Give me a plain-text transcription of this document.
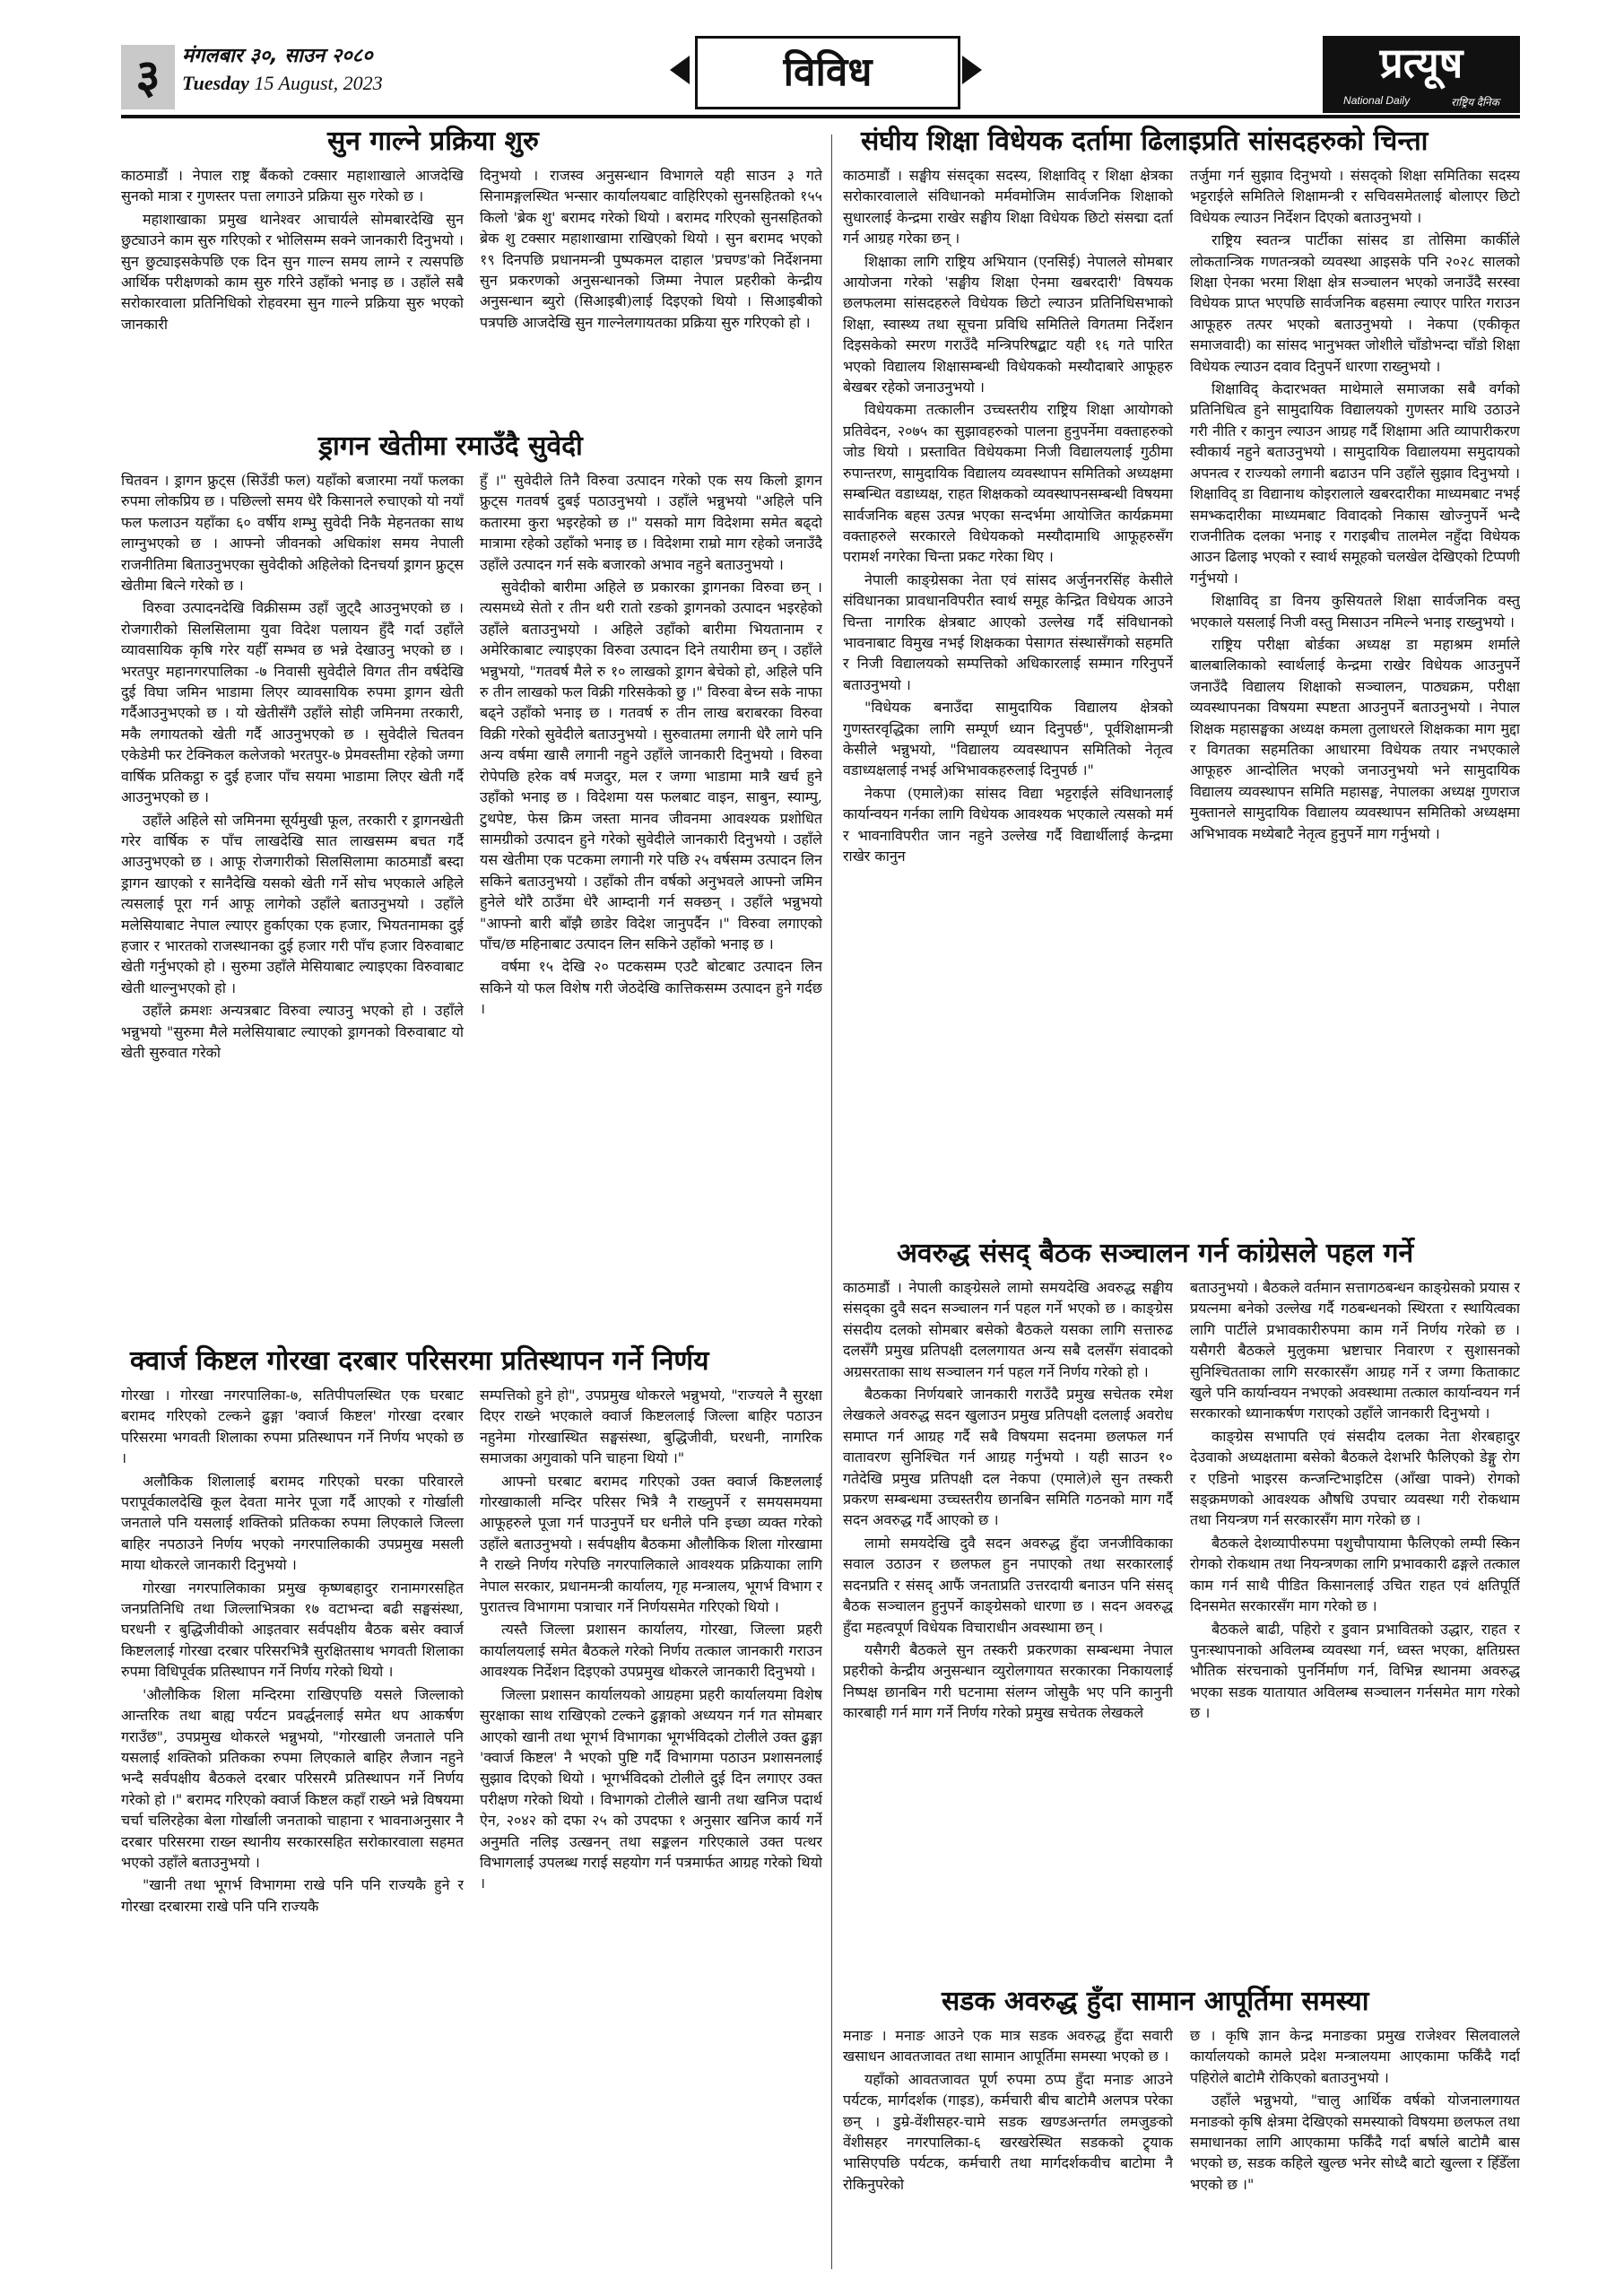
३	मंगलबार ३०, साउन २०८०
Tuesday 15 August, 2023	विविध	प्रत्यूष
National Daily	राष्ट्रिय दैनिक
सुन गाल्ने प्रक्रिया शुरु

काठमाडौं । नेपाल राष्ट्र बैंकको टक्सार महाशाखाले आजदेखि सुनको मात्रा र गुणस्तर पत्ता लगाउने प्रक्रिया सुरु गरेको छ ।

महाशाखाका प्रमुख थानेश्वर आचार्यले सोमबारदेखि सुन छुट्याउने काम सुरु गरिएको र भोलिसम्म सक्ने जानकारी दिनुभयो । सुन छुट्याइसकेपछि एक दिन सुन गाल्न समय लाग्ने र त्यसपछि आर्थिक परीक्षणको काम सुरु गरिने उहाँको भनाइ छ । उहाँले सबै सरोकारवाला प्रतिनिधिको रोहवरमा सुन गाल्ने प्रक्रिया सुरु भएको जानकारी

दिनुभयो । राजस्व अनुसन्धान विभागले यही साउन ३ गते सिनामङ्गलस्थित भन्सार कार्यालयबाट वाहिरिएको सुनसहितको १५५ किलो 'ब्रेक शु' बरामद गरेको थियो । बरामद गरिएको सुनसहितको ब्रेक शु टक्सार महाशाखामा राखिएको थियो । सुन बरामद भएको १९ दिनपछि प्रधानमन्त्री पुष्पकमल दाहाल 'प्रचण्ड'को निर्देशनमा सुन प्रकरणको अनुसन्धानको जिम्मा नेपाल प्रहरीको केन्द्रीय अनुसन्धान ब्युरो (सिआइबी)लाई दिइएको थियो । सिआइबीको पत्रपछि आजदेखि सुन गाल्नेलगायतका प्रक्रिया सुरु गरिएको हो ।

ड्रागन खेतीमा रमाउँदै सुवेदी

चितवन । ड्रागन फ्रुट्स (सिउँडी फल) यहाँको बजारमा नयाँ फलका रुपमा लोकप्रिय छ । पछिल्लो समय धेरै किसानले रुचाएको यो नयाँ फल फलाउन यहाँका ६० वर्षीय शम्भु सुवेदी निकै मेहनतका साथ लाग्नुभएको छ । आफ्नो जीवनको अधिकांश समय नेपाली राजनीतिमा बिताउनुभएका सुवेदीको अहिलेको दिनचर्या ड्रागन फ्रुट्स खेतीमा बित्ने गरेको छ ।

विरुवा उत्पादनदेखि विक्रीसम्म उहाँ जुट्दै आउनुभएको छ । रोजगारीको सिलसिलामा युवा विदेश पलायन हुँदै गर्दा उहाँले व्यावसायिक कृषि गरेर यहीँ सम्भव छ भन्ने देखाउनु भएको छ । भरतपुर महानगरपालिका -७ निवासी सुवेदीले विगत तीन वर्षदेखि दुई विघा जमिन भाडामा लिएर व्यावसायिक रुपमा ड्रागन खेती गर्दैआउनुभएको छ । यो खेतीसँगै उहाँले सोही जमिनमा तरकारी, मकै लगायतको खेती गर्दै आउनुभएको छ । सुवेदीले चितवन एकेडेमी फर टेक्निकल कलेजको भरतपुर-७ प्रेमवस्तीमा रहेको जग्गा वार्षिक प्रतिकट्ठा रु दुई हजार पाँच सयमा भाडामा लिएर खेती गर्दै आउनुभएको छ ।

उहाँले अहिले सो जमिनमा सूर्यमुखी फूल, तरकारी र ड्रागनखेती गरेर वार्षिक रु पाँच लाखदेखि सात लाखसम्म बचत गर्दै आउनुभएको छ । आफू रोजगारीको सिलसिलामा काठमाडौं बस्दा ड्रागन खाएको र सानैदेखि यसको खेती गर्ने सोच भएकाले अहिले त्यसलाई पूरा गर्न आफू लागेको उहाँले बताउनुभयो । उहाँले मलेसियाबाट नेपाल ल्याएर हुर्काएका एक हजार, भियतनामका दुई हजार र भारतको राजस्थानका दुई हजार गरी पाँच हजार विरुवाबाट खेती गर्नुभएको हो । सुरुमा उहाँले मेसियाबाट ल्याइएका विरुवाबाट खेती थाल्नुभएको हो ।

उहाँले क्रमशः अन्यत्रबाट विरुवा ल्याउनु भएको हो । उहाँले भन्नुभयो "सुरुमा मैले मलेसियाबाट ल्याएको ड्रागनको विरुवाबाट यो खेती सुरुवात गरेको

हुँ ।" सुवेदीले तिनै विरुवा उत्पादन गरेको एक सय किलो ड्रागन फ्रुट्स गतवर्ष दुबई पठाउनुभयो । उहाँले भन्नुभयो "अहिले पनि कतारमा कुरा भइरहेको छ ।" यसको माग विदेशमा समेत बढ्दो मात्रामा रहेको उहाँको भनाइ छ । विदेशमा राम्रो माग रहेको जनाउँदै उहाँले उत्पादन गर्न सके बजारको अभाव नहुने बताउनुभयो ।

सुवेदीको बारीमा अहिले छ प्रकारका ड्रागनका विरुवा छन् । त्यसमध्ये सेतो र तीन थरी रातो रङको ड्रागनको उत्पादन भइरहेको उहाँले बताउनुभयो । अहिले उहाँको बारीमा भियतानाम र अमेरिकाबाट ल्याइएका विरुवा उत्पादन दिने तयारीमा छन् । उहाँले भन्नुभयो, "गतवर्ष मैले रु १० लाखको ड्रागन बेचेको हो, अहिले पनि रु तीन लाखको फल विक्री गरिसकेको छु ।" विरुवा बेच्न सके नाफा बढ्ने उहाँको भनाइ छ । गतवर्ष रु तीन लाख बराबरका विरुवा विक्री गरेको सुवेदीले बताउनुभयो । सुरुवातमा लगानी धेरै लागे पनि अन्य वर्षमा खासै लगानी नहुने उहाँले जानकारी दिनुभयो । विरुवा रोपेपछि हरेक वर्ष मजदुर, मल र जग्गा भाडामा मात्रै खर्च हुने उहाँको भनाइ छ । विदेशमा यस फलबाट वाइन, साबुन, स्याम्पु, टुथपेष्ट, फेस क्रिम जस्ता मानव जीवनमा आवश्यक प्रशोधित सामग्रीको उत्पादन हुने गरेको सुवेदीले जानकारी दिनुभयो । उहाँले यस खेतीमा एक पटकमा लगानी गरे पछि २५ वर्षसम्म उत्पादन लिन सकिने बताउनुभयो । उहाँको तीन वर्षको अनुभवले आफ्नो जमिन हुनेले थोरै ठाउँमा धेरै आम्दानी गर्न सक्छन् । उहाँले भन्नुभयो "आफ्नो बारी बाँझै छाडेर विदेश जानुपर्दैन ।" विरुवा लगाएको पाँच/छ महिनाबाट उत्पादन लिन सकिने उहाँको भनाइ छ ।

वर्षमा १५ देखि २० पटकसम्म एउटै बोटबाट उत्पादन लिन सकिने यो फल विशेष गरी जेठदेखि कात्तिकसम्म उत्पादन हुने गर्दछ ।

क्वार्ज किष्टल गोरखा दरबार परिसरमा प्रतिस्थापन गर्ने निर्णय

गोरखा । गोरखा नगरपालिका-७, सतिपीपलस्थित एक घरबाट बरामद गरिएको टल्कने ढुङ्गा 'क्वार्ज किष्टल' गोरखा दरबार परिसरमा भगवती शिलाका रुपमा प्रतिस्थापन गर्ने निर्णय भएको छ ।

अलौकिक शिलालाई बरामद गरिएको घरका परिवारले परापूर्वकालदेखि कूल देवता मानेर पूजा गर्दै आएको र गोर्खाली जनताले पनि यसलाई शक्तिको प्रतिकका रुपमा लिएकाले जिल्ला बाहिर नपठाउने निर्णय भएको नगरपालिकाकी उपप्रमुख मसली माया थोकरले जानकारी दिनुभयो ।

गोरखा नगरपालिकाका प्रमुख कृष्णबहादुर रानामगरसहित जनप्रतिनिधि तथा जिल्लाभित्रका १७ वटाभन्दा बढी सङ्घसंस्था, घरधनी र बुद्धिजीवीको आइतवार सर्वपक्षीय बैठक बसेर क्वार्ज किष्टललाई गोरखा दरबार परिसरभित्रै सुरक्षितसाथ भगवती शिलाका रुपमा विधिपूर्वक प्रतिस्थापन गर्ने निर्णय गरेको थियो ।

'औलौकिक शिला मन्दिरमा राखिएपछि यसले जिल्लाको आन्तरिक तथा बाह्य पर्यटन प्रवर्द्धनलाई समेत थप आकर्षण गराउँछ", उपप्रमुख थोकरले भन्नुभयो, "गोरखाली जनताले पनि यसलाई शक्तिको प्रतिकका रुपमा लिएकाले बाहिर लैजान नहुने भन्दै सर्वपक्षीय बैठकले दरबार परिसरमै प्रतिस्थापन गर्ने निर्णय गरेको हो ।" बरामद गरिएको क्वार्ज किष्टल कहाँ राख्ने भन्ने विषयमा चर्चा चलिरहेका बेला गोर्खाली जनताको चाहाना र भावनाअनुसार नै दरबार परिसरमा राख्न स्थानीय सरकारसहित सरोकारवाला सहमत भएको उहाँले बताउनुभयो ।

"खानी तथा भूगर्भ विभागमा राखे पनि पनि राज्यकै हुने र गोरखा दरबारमा राखे पनि पनि राज्यकै

सम्पत्तिको हुने हो", उपप्रमुख थोकरले भन्नुभयो, "राज्यले नै सुरक्षा दिएर राख्ने भएकाले क्वार्ज किष्टललाई जिल्ला बाहिर पठाउन नहुनेमा गोरखास्थित सङ्घसंस्था, बुद्धिजीवी, घरधनी, नागरिक समाजका अगुवाको पनि चाहना थियो ।"

आफ्नो घरबाट बरामद गरिएको उक्त क्वार्ज किष्टललाई गोरखाकाली मन्दिर परिसर भित्रै नै राख्नुपर्ने र समयसमयमा आफूहरुले पूजा गर्न पाउनुपर्ने घर धनीले पनि इच्छा व्यक्त गरेको उहाँले बताउनुभयो । सर्वपक्षीय बैठकमा औलौकिक शिला गोरखामा नै राख्ने निर्णय गरेपछि नगरपालिकाले आवश्यक प्रक्रियाका लागि नेपाल सरकार, प्रधानमन्त्री कार्यालय, गृह मन्त्रालय, भूगर्भ विभाग र पुरातत्त्व विभागमा पत्राचार गर्ने निर्णयसमेत गरिएको थियो ।

त्यस्तै जिल्ला प्रशासन कार्यालय, गोरखा, जिल्ला प्रहरी कार्यालयलाई समेत बैठकले गरेको निर्णय तत्काल जानकारी गराउन आवश्यक निर्देशन दिइएको उपप्रमुख थोकरले जानकारी दिनुभयो ।

जिल्ला प्रशासन कार्यालयको आग्रहमा प्रहरी कार्यालयमा विशेष सुरक्षाका साथ राखिएको टल्कने ढुङ्गाको अध्ययन गर्न गत सोमबार आएको खानी तथा भूगर्भ विभागका भूगर्भविदको टोलीले उक्त ढुङ्गा 'क्वार्ज किष्टल' नै भएको पुष्टि गर्दै विभागमा पठाउन प्रशासनलाई सुझाव दिएको थियो । भूगर्भविदको टोलीले दुई दिन लगाएर उक्त परीक्षण गरेको थियो । विभागको टोलीले खानी तथा खनिज पदार्थ ऐन, २०४२ को दफा २५ को उपदफा १ अनुसार खनिज कार्य गर्ने अनुमति नलिइ उत्खनन् तथा सङ्कलन गरिएकाले उक्त पत्थर विभागलाई उपलब्ध गराई सहयोग गर्न पत्रमार्फत आग्रह गरेको थियो ।

संघीय शिक्षा विधेयक दर्तामा ढिलाइप्रति सांसदहरुको चिन्ता

काठमाडौं । सङ्घीय संसद्का सदस्य, शिक्षाविद् र शिक्षा क्षेत्रका सरोकारवालाले संविधानको मर्मवमोजिम सार्वजनिक शिक्षाको सुधारलाई केन्द्रमा राखेर सङ्घीय शिक्षा विधेयक छिटो संसद्मा दर्ता गर्न आग्रह गरेका छन् ।

शिक्षाका लागि राष्ट्रिय अभियान (एनसिई) नेपालले सोमबार आयोजना गरेको 'सङ्घीय शिक्षा ऐनमा खबरदारी' विषयक छलफलमा सांसदहरुले विधेयक छिटो ल्याउन प्रतिनिधिसभाको शिक्षा, स्वास्थ्य तथा सूचना प्रविधि समितिले विगतमा निर्देशन दिइसकेको स्मरण गराउँदै मन्त्रिपरिषद्बाट यही १६ गते पारित भएको विद्यालय शिक्षासम्बन्धी विधेयकको मस्यौदाबारे आफूहरु बेखबर रहेको जनाउनुभयो ।

विधेयकमा तत्कालीन उच्चस्तरीय राष्ट्रिय शिक्षा आयोगको प्रतिवेदन, २०७५ का सुझावहरुको पालना हुनुपर्नेमा वक्ताहरुको जोड थियो । प्रस्तावित विधेयकमा निजी विद्यालयलाई गुठीमा रुपान्तरण, सामुदायिक विद्यालय व्यवस्थापन समितिको अध्यक्षमा सम्बन्धित वडाध्यक्ष, राहत शिक्षकको व्यवस्थापनसम्बन्धी विषयमा सार्वजनिक बहस उत्पन्न भएका सन्दर्भमा आयोजित कार्यक्रममा वक्ताहरुले सरकारले विधेयकको मस्यौदामाथि आफूहरुसँग परामर्श नगरेका चिन्ता प्रकट गरेका थिए ।

नेपाली काङ्ग्रेसका नेता एवं सांसद अर्जुननरसिंह केसीले संविधानका प्रावधानविपरीत स्वार्थ समूह केन्द्रित विधेयक आउने चिन्ता नागरिक क्षेत्रबाट आएको उल्लेख गर्दै संविधानको भावनाबाट विमुख नभई शिक्षकका पेसागत संस्थासँगको सहमति र निजी विद्यालयको सम्पत्तिको अधिकारलाई सम्मान गरिनुपर्ने बताउनुभयो ।

"विधेयक बनाउँदा सामुदायिक विद्यालय क्षेत्रको गुणस्तरवृद्धिका लागि सम्पूर्ण ध्यान दिनुपर्छ", पूर्वशिक्षामन्त्री केसीले भन्नुभयो, "विद्यालय व्यवस्थापन समितिको नेतृत्व वडाध्यक्षलाई नभई अभिभावकहरुलाई दिनुपर्छ ।"

नेकपा (एमाले)का सांसद विद्या भट्टराईले संविधानलाई कार्यान्वयन गर्नका लागि विधेयक आवश्यक भएकाले त्यसको मर्म र भावनाविपरीत जान नहुने उल्लेख गर्दै विद्यार्थीलाई केन्द्रमा राखेर कानुन

तर्जुमा गर्न सुझाव दिनुभयो । संसद्को शिक्षा समितिका सदस्य भट्टराईले समितिले शिक्षामन्त्री र सचिवसमेतलाई बोलाएर छिटो विधेयक ल्याउन निर्देशन दिएको बताउनुभयो ।

राष्ट्रिय स्वतन्त्र पार्टीका सांसद डा तोसिमा कार्कीले लोकतान्त्रिक गणतन्त्रको व्यवस्था आइसके पनि २०२८ सालको शिक्षा ऐनका भरमा शिक्षा क्षेत्र सञ्चालन भएको जनाउँदै सरस्वा विधेयक प्राप्त भएपछि सार्वजनिक बहसमा ल्याएर पारित गराउन आफूहरु तत्पर भएको बताउनुभयो । नेकपा (एकीकृत समाजवादी) का सांसद भानुभक्त जोशीले चाँडोभन्दा चाँडो शिक्षा विधेयक ल्याउन दवाव दिनुपर्ने धारणा राख्नुभयो ।

शिक्षाविद् केदारभक्त माथेमाले समाजका सबै वर्गको प्रतिनिधित्व हुने सामुदायिक विद्यालयको गुणस्तर माथि उठाउने गरी नीति र कानुन ल्याउन आग्रह गर्दै शिक्षामा अति व्यापारीकरण स्वीकार्य नहुने बताउनुभयो । सामुदायिक विद्यालयमा समुदायको अपनत्व र राज्यको लगानी बढाउन पनि उहाँले सुझाव दिनुभयो । शिक्षाविद् डा विद्यानाथ कोइरालाले खबरदारीका माध्यमबाट नभई समभ्कदारीका माध्यमबाट विवादको निकास खोज्नुपर्ने भन्दै राजनीतिक दलका भनाइ र गराइबीच तालमेल नहुँदा विधेयक आउन ढिलाइ भएको र स्वार्थ समूहको चलखेल देखिएको टिप्पणी गर्नुभयो ।

शिक्षाविद् डा विनय कुसियतले शिक्षा सार्वजनिक वस्तु भएकाले यसलाई निजी वस्तु मिसाउन नमिल्ने भनाइ राख्नुभयो ।

राष्ट्रिय परीक्षा बोर्डका अध्यक्ष डा महाश्रम शर्माले बालबालिकाको स्वार्थलाई केन्द्रमा राखेर विधेयक आउनुपर्ने जनाउँदै विद्यालय शिक्षाको सञ्चालन, पाठ्यक्रम, परीक्षा व्यवस्थापनका विषयमा स्पष्टता आउनुपर्ने बताउनुभयो । नेपाल शिक्षक महासङ्घका अध्यक्ष कमला तुलाधरले शिक्षकका माग मुद्दा र विगतका सहमतिका आधारमा विधेयक तयार नभएकाले आफूहरु आन्दोलित भएको जनाउनुभयो भने सामुदायिक विद्यालय व्यवस्थापन समिति महासङ्घ, नेपालका अध्यक्ष गुणराज मुक्तानले सामुदायिक विद्यालय व्यवस्थापन समितिको अध्यक्षमा अभिभावक मध्येबाटै नेतृत्व हुनुपर्ने माग गर्नुभयो ।

अवरुद्ध संसद् बैठक सञ्चालन गर्न कांग्रेसले पहल गर्ने

काठमाडौं । नेपाली काङ्ग्रेसले लामो समयदेखि अवरुद्ध सङ्घीय संसद्का दुवै सदन सञ्चालन गर्न पहल गर्ने भएको छ । काङ्ग्रेस संसदीय दलको सोमबार बसेको बैठकले यसका लागि सत्तारुढ दलसँगै प्रमुख प्रतिपक्षी दललगायत अन्य सबै दलसँग संवादको अग्रसरताका साथ सञ्चालन गर्न पहल गर्ने निर्णय गरेको हो ।

बैठकका निर्णयबारे जानकारी गराउँदै प्रमुख सचेतक रमेश लेखकले अवरुद्ध सदन खुलाउन प्रमुख प्रतिपक्षी दललाई अवरोध समाप्त गर्न आग्रह गर्दै सबै विषयमा सदनमा छलफल गर्न वातावरण सुनिश्चित गर्न आग्रह गर्नुभयो । यही साउन १० गतेदेखि प्रमुख प्रतिपक्षी दल नेकपा (एमाले)ले सुन तस्करी प्रकरण सम्बन्धमा उच्चस्तरीय छानबिन समिति गठनको माग गर्दै सदन अवरुद्ध गर्दै आएको छ ।

लामो समयदेखि दुवै सदन अवरुद्ध हुँदा जनजीविकाका सवाल उठाउन र छलफल हुन नपाएको तथा सरकारलाई सदनप्रति र संसद् आफैं जनताप्रति उत्तरदायी बनाउन पनि संसद् बैठक सञ्चालन हुनुपर्ने काङ्ग्रेसको धारणा छ । सदन अवरुद्ध हुँदा महत्वपूर्ण विधेयक विचाराधीन अवस्थामा छन् ।

यसैगरी बैठकले सुन तस्करी प्रकरणका सम्बन्धमा नेपाल प्रहरीको केन्द्रीय अनुसन्धान व्युरोलगायत सरकारका निकायलाई निष्पक्ष छानबिन गरी घटनामा संलग्न जोसुकै भए पनि कानुनी कारबाही गर्न माग गर्ने निर्णय गरेको प्रमुख सचेतक लेखकले

बताउनुभयो । बैठकले वर्तमान सत्तागठबन्धन काङ्ग्रेसको प्रयास र प्रयत्नमा बनेको उल्लेख गर्दै गठबन्धनको स्थिरता र स्थायित्वका लागि पार्टीले प्रभावकारीरुपमा काम गर्ने निर्णय गरेको छ । यसैगरी बैठकले मुलुकमा भ्रष्टाचार निवारण र सुशासनको सुनिश्चितताका लागि सरकारसँग आग्रह गर्ने र जग्गा किताकाट खुले पनि कार्यान्वयन नभएको अवस्थामा तत्काल कार्यान्वयन गर्न सरकारको ध्यानाकर्षण गराएको उहाँले जानकारी दिनुभयो ।

काङ्ग्रेस सभापति एवं संसदीय दलका नेता शेरबहादुर देउवाको अध्यक्षतामा बसेको बैठकले देशभरि फैलिएको डेङ्गु रोग र एडिनो भाइरस कन्जन्टिभाइटिस (आँखा पाक्ने) रोगको सङ्क्रमणको आवश्यक औषधि उपचार व्यवस्था गरी रोकथाम तथा नियन्त्रण गर्न सरकारसँग माग गरेको छ ।

बैठकले देशव्यापीरुपमा पशुचौपायामा फैलिएको लम्पी स्किन रोगको रोकथाम तथा नियन्त्रणका लागि प्रभावकारी ढङ्गले तत्काल काम गर्न साथै पीडित किसानलाई उचित राहत एवं क्षतिपूर्ति दिनसमेत सरकारसँग माग गरेको छ ।

बैठकले बाढी, पहिरो र डुवान प्रभावितको उद्धार, राहत र पुनःस्थापनाको अविलम्ब व्यवस्था गर्न, ध्वस्त भएका, क्षतिग्रस्त भौतिक संरचनाको पुनर्निर्माण गर्न, विभिन्न स्थानमा अवरुद्ध भएका सडक यातायात अविलम्ब सञ्चालन गर्नसमेत माग गरेको छ ।

सडक अवरुद्ध हुँदा सामान आपूर्तिमा समस्या

मनाङ । मनाङ आउने एक मात्र सडक अवरुद्ध हुँदा सवारी खसाधन आवतजावत तथा सामान आपूर्तिमा समस्या भएको छ ।

यहाँको आवतजावत पूर्ण रुपमा ठप्प हुँदा मनाङ आउने पर्यटक, मार्गदर्शक (गाइड), कर्मचारी बीच बाटोमै अलपत्र परेका छन् । डुम्रे-वेंशीसहर-चामे सडक खण्डअन्तर्गत लमजुङको वेंशीसहर नगरपालिका-६ खरखरेस्थित सडकको ट्र्याक भासिएपछि पर्यटक, कर्मचारी तथा मार्गदर्शकवीच बाटोमा नै रोकिनुपरेको

छ । कृषि ज्ञान केन्द्र मनाङका प्रमुख राजेश्वर सिलवालले कार्यालयको कामले प्रदेश मन्त्रालयमा आएकामा फर्किँदै गर्दा पहिरोले बाटोमै रोकिएको बताउनुभयो ।

उहाँले भन्नुभयो, "चालु आर्थिक वर्षको योजनालगायत मनाङको कृषि क्षेत्रमा देखिएको समस्याको विषयमा छलफल तथा समाधानका लागि आएकामा फर्किँदै गर्दा बर्षाले बाटोमै बास भएको छ, सडक कहिले खुल्छ भनेर सोध्दै बाटो खुल्ला र हिँडेँला भएको छ ।"
